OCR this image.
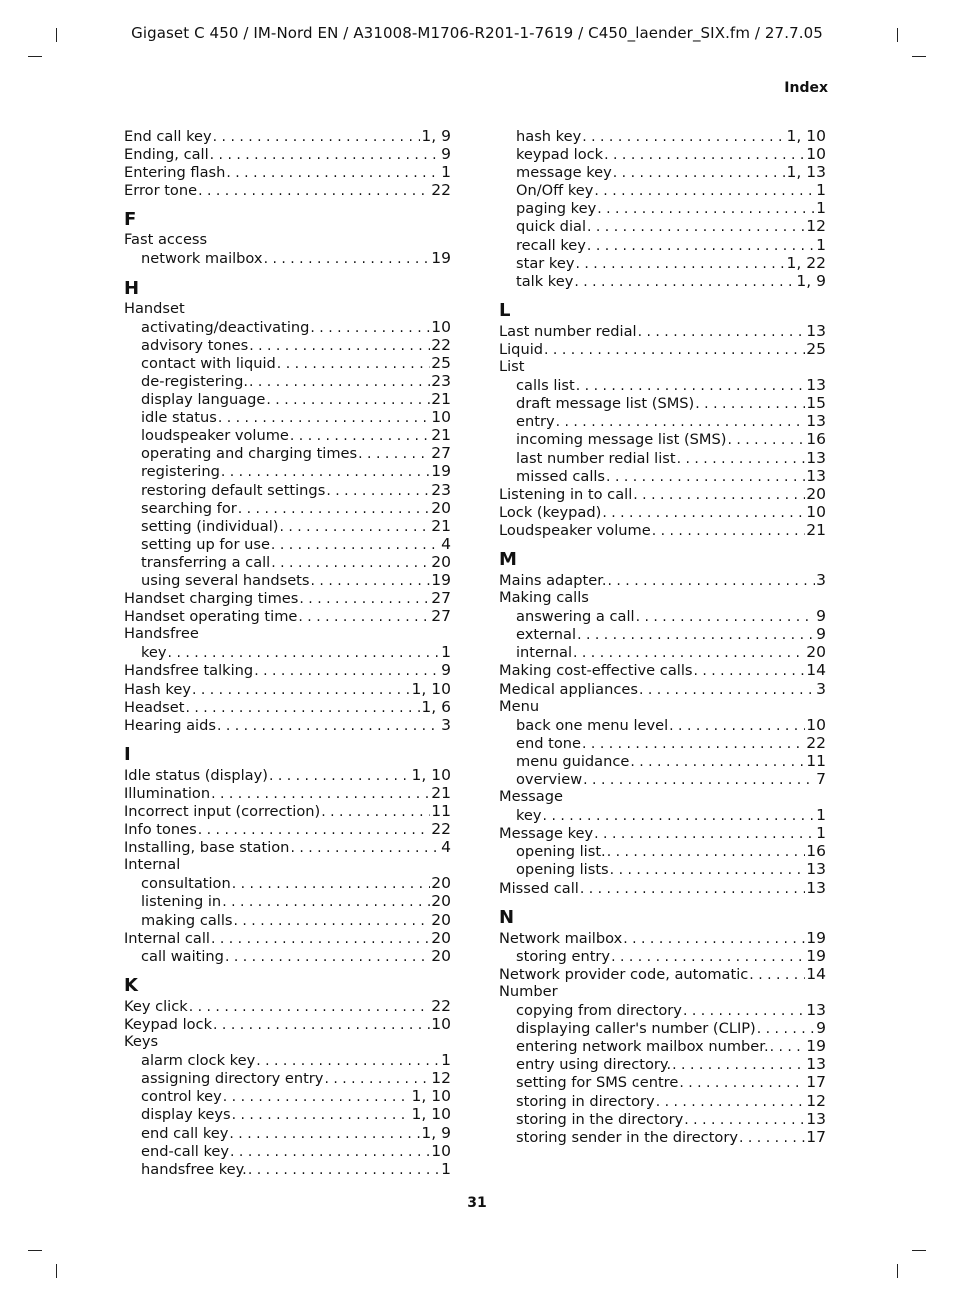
Gigaset C 450 / IM-Nord EN / A31008-M1706-R201-1-7619 / C450_laender_SIX.fm / 27.7.05
Index
End call key . . .	1, 9
Ending, call . . .	9
Entering flash . . .	1
Error tone . . .	22
F
Fast access
network mailbox . . .	19
H
Handset
activating/deactivating . . .	10
advisory tones . . .	22
contact with liquid . . .	25
de-registering. . . .	23
display language . . .	21
idle status . . .	10
loudspeaker volume . . .	21
operating and charging times . . .	27
registering . . .	19
restoring default settings . . .	23
searching for . . .	20
setting (individual) . . .	21
setting up for use . . .	4
transferring a call . . .	20
using several handsets . . .	19
Handset charging times . . .	27
Handset operating time . . .	27
Handsfree
key . . .	1
Handsfree talking . . .	9
Hash key . . .	1, 10
Headset . . .	1, 6
Hearing aids . . .	3
I
Idle status (display) . . .	1, 10
Illumination . . .	21
Incorrect input (correction) . . .	11
Info tones . . .	22
Installing, base station . . .	4
Internal
consultation . . .	20
listening in . . .	20
making calls . . .	20
Internal call . . .	20
call waiting . . .	20
K
Key click . . .	22
Keypad lock . . .	10
Keys
alarm clock key . . .	1
assigning directory entry . . .	12
control key . . .	1, 10
display keys . . .	1, 10
end call key . . .	1, 9
end-call key . . .	10
handsfree key. . . .	1
hash key . . .	1, 10
keypad lock . . .	10
message key . . .	1, 13
On/Off key . . .	1
paging key . . .	1
quick dial . . .	12
recall key . . .	1
star key . . .	1, 22
talk key . . .	1, 9
L
Last number redial . . .	13
Liquid . . .	25
List
calls list . . .	13
draft message list (SMS) . . .	15
entry . . .	13
incoming message list (SMS) . . .	16
last number redial list . . .	13
missed calls . . .	13
Listening in to call . . .	20
Lock (keypad) . . .	10
Loudspeaker volume . . .	21
M
Mains adapter. . . .	3
Making calls
answering a call . . .	9
external . . .	9
internal . . .	20
Making cost-effective calls . . .	14
Medical appliances . . .	3
Menu
back one menu level . . .	10
end tone . . .	22
menu guidance . . .	11
overview . . .	7
Message
key . . .	1
Message key . . .	1
opening list. . . .	16
opening lists . . .	13
Missed call . . .	13
N
Network mailbox . . .	19
storing entry . . .	19
Network provider code, automatic . . .	14
Number
copying from directory . . .	13
displaying caller's number (CLIP) . . .	9
entering network mailbox number. . . . 19
entry using directory. . . .	13
setting for SMS centre . . .	17
storing in directory . . .	12
storing in the directory . . .	13
storing sender in the directory . . .	17
31
